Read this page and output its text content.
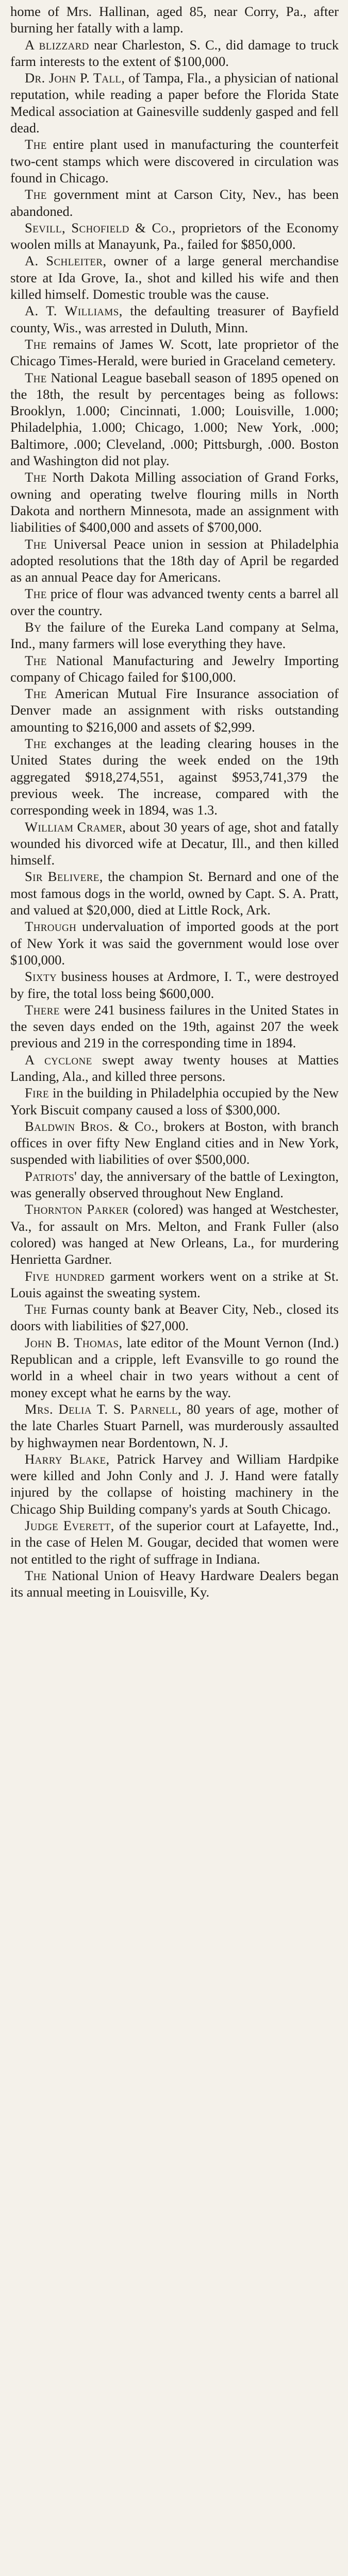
home of Mrs. Hallinan, aged 85, near Corry, Pa., after burning her fatally with a lamp.

A blizzard near Charleston, S. C., did damage to truck farm interests to the extent of $100,000.

Dr. John P. Tall, of Tampa, Fla., a physician of national reputation, while reading a paper before the Florida State Medical association at Gainesville suddenly gasped and fell dead.

The entire plant used in manufacturing the counterfeit two-cent stamps which were discovered in circulation was found in Chicago.

The government mint at Carson City, Nev., has been abandoned.

Sevill, Schofield & Co., proprietors of the Economy woolen mills at Manayunk, Pa., failed for $850,000.

A. Schleiter, owner of a large general merchandise store at Ida Grove, Ia., shot and killed his wife and then killed himself. Domestic trouble was the cause.

A. T. Williams, the defaulting treasurer of Bayfield county, Wis., was arrested in Duluth, Minn.

The remains of James W. Scott, late proprietor of the Chicago Times-Herald, were buried in Graceland cemetery.

The National League baseball season of 1895 opened on the 18th, the result by percentages being as follows: Brooklyn, 1.000; Cincinnati, 1.000; Louisville, 1.000; Philadelphia, 1.000; Chicago, 1.000; New York, .000; Baltimore, .000; Cleveland, .000; Pittsburgh, .000. Boston and Washington did not play.

The North Dakota Milling association of Grand Forks, owning and operating twelve flouring mills in North Dakota and northern Minnesota, made an assignment with liabilities of $400,000 and assets of $700,000.

The Universal Peace union in session at Philadelphia adopted resolutions that the 18th day of April be regarded as an annual Peace day for Americans.

The price of flour was advanced twenty cents a barrel all over the country.

By the failure of the Eureka Land company at Selma, Ind., many farmers will lose everything they have.

The National Manufacturing and Jewelry Importing company of Chicago failed for $100,000.

The American Mutual Fire Insurance association of Denver made an assignment with risks outstanding amounting to $216,000 and assets of $2,999.

The exchanges at the leading clearing houses in the United States during the week ended on the 19th aggregated $918,274,551, against $953,741,379 the previous week. The increase, compared with the corresponding week in 1894, was 1.3.

William Cramer, about 30 years of age, shot and fatally wounded his divorced wife at Decatur, Ill., and then killed himself.

Sir Belivere, the champion St. Bernard and one of the most famous dogs in the world, owned by Capt. S. A. Pratt, and valued at $20,000, died at Little Rock, Ark.

Through undervaluation of imported goods at the port of New York it was said the government would lose over $100,000.

Sixty business houses at Ardmore, I. T., were destroyed by fire, the total loss being $600,000.

There were 241 business failures in the United States in the seven days ended on the 19th, against 207 the week previous and 219 in the corresponding time in 1894.

A cyclone swept away twenty houses at Matties Landing, Ala., and killed three persons.

Fire in the building in Philadelphia occupied by the New York Biscuit company caused a loss of $300,000.

Baldwin Bros. & Co., brokers at Boston, with branch offices in over fifty New England cities and in New York, suspended with liabilities of over $500,000.

Patriots' day, the anniversary of the battle of Lexington, was generally observed throughout New England.

Thornton Parker (colored) was hanged at Westchester, Va., for assault on Mrs. Melton, and Frank Fuller (also colored) was hanged at New Orleans, La., for murdering Henrietta Gardner.

Five hundred garment workers went on a strike at St. Louis against the sweating system.

The Furnas county bank at Beaver City, Neb., closed its doors with liabilities of $27,000.

John B. Thomas, late editor of the Mount Vernon (Ind.) Republican and a cripple, left Evansville to go round the world in a wheel chair in two years without a cent of money except what he earns by the way.

Mrs. Delia T. S. Parnell, 80 years of age, mother of the late Charles Stuart Parnell, was murderously assaulted by highwaymen near Bordentown, N. J.

Harry Blake, Patrick Harvey and William Hardpike were killed and John Conly and J. J. Hand were fatally injured by the collapse of hoisting machinery in the Chicago Ship Building company's yards at South Chicago.

Judge Everett, of the superior court at Lafayette, Ind., in the case of Helen M. Gougar, decided that women were not entitled to the right of suffrage in Indiana.

The National Union of Heavy Hardware Dealers began its annual meeting in Louisville, Ky.
